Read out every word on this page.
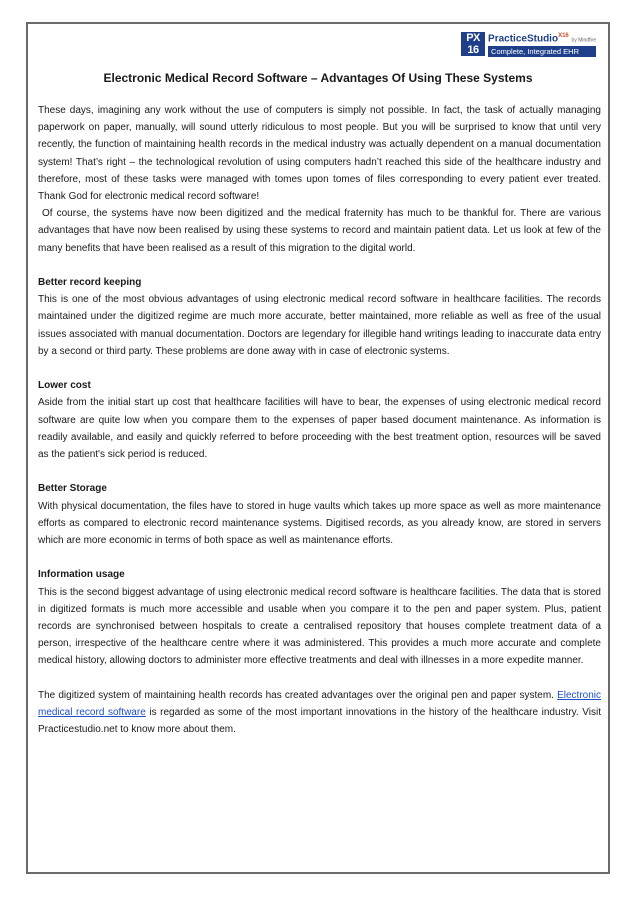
PX
16
PracticeStudio$^{X16}$ by Mindfire
Complete, Integrated EHR
Electronic Medical Record Software – Advantages Of Using These Systems

These days, imagining any work without the use of computers is simply not possible. In fact, the task of actually managing paperwork on paper, manually, will sound utterly ridiculous to most people. But you will be surprised to know that until very recently, the function of maintaining health records in the medical industry was actually dependent on a manual documentation system! That’s right – the technological revolution of using computers hadn’t reached this side of the healthcare industry and therefore, most of these tasks were managed with tomes upon tomes of files corresponding to every patient ever treated. Thank God for electronic medical record software!

Of course, the systems have now been digitized and the medical fraternity has much to be thankful for. There are various advantages that have now been realised by using these systems to record and maintain patient data. Let us look at few of the many benefits that have been realised as a result of this migration to the digital world.

Better record keeping

This is one of the most obvious advantages of using electronic medical record software in healthcare facilities. The records maintained under the digitized regime are much more accurate, better maintained, more reliable as well as free of the usual issues associated with manual documentation. Doctors are legendary for illegible hand writings leading to inaccurate data entry by a second or third party. These problems are done away with in case of electronic systems.

Lower cost

Aside from the initial start up cost that healthcare facilities will have to bear, the expenses of using electronic medical record software are quite low when you compare them to the expenses of paper based document maintenance. As information is readily available, and easily and quickly referred to before proceeding with the best treatment option, resources will be saved as the patient's sick period is reduced.

Better Storage

With physical documentation, the files have to stored in huge vaults which takes up more space as well as more maintenance efforts as compared to electronic record maintenance systems. Digitised records, as you already know, are stored in servers which are more economic in terms of both space as well as maintenance efforts.

Information usage

This is the second biggest advantage of using electronic medical record software is healthcare facilities. The data that is stored in digitized formats is much more accessible and usable when you compare it to the pen and paper system. Plus, patient records are synchronised between hospitals to create a centralised repository that houses complete treatment data of a person, irrespective of the healthcare centre where it was administered. This provides a much more accurate and complete medical history, allowing doctors to administer more effective treatments and deal with illnesses in a more expedite manner.

The digitized system of maintaining health records has created advantages over the original pen and paper system. Electronic medical record software is regarded as some of the most important innovations in the history of the healthcare industry. Visit Practicestudio.net to know more about them.
